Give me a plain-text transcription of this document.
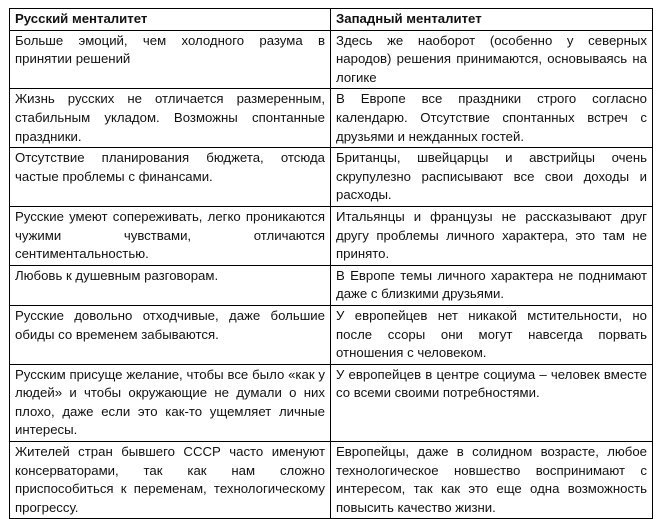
Русский менталитет	Западный менталитет
Больше эмоций, чем холодного разума в принятии решений	Здесь же наоборот (особенно у северных народов) решения принимаются, основываясь на логике
Жизнь русских не отличается размеренным, стабильным укладом. Возможны спонтанные праздники.	В Европе все праздники строго согласно календарю. Отсутствие спонтанных встреч с друзьями и нежданных гостей.
Отсутствие планирования бюджета, отсюда частые проблемы с финансами.	Британцы, швейцарцы и австрийцы очень скрупулезно расписывают все свои доходы и расходы.
Русские умеют сопереживать, легко проникаются чужими чувствами, отличаются сентиментальностью.	Итальянцы и французы не рассказывают друг другу проблемы личного характера, это там не принято.
Любовь к душевным разговорам.	В Европе темы личного характера не поднимают даже с близкими друзьями.
Русские довольно отходчивые, даже большие обиды со временем забываются.	У европейцев нет никакой мстительности, но после ссоры они могут навсегда порвать отношения с человеком.
Русским присуще желание, чтобы все было «как у людей» и чтобы окружающие не думали о них плохо, даже если это как-то ущемляет личные интересы.	У европейцев в центре социума – человек вместе со всеми своими потребностями.
Жителей стран бывшего СССР часто именуют консерваторами, так как нам сложно приспособиться к переменам, технологическому прогрессу.	Европейцы, даже в солидном возрасте, любое технологическое новшество воспринимают с интересом, так как это еще одна возможность повысить качество жизни.
